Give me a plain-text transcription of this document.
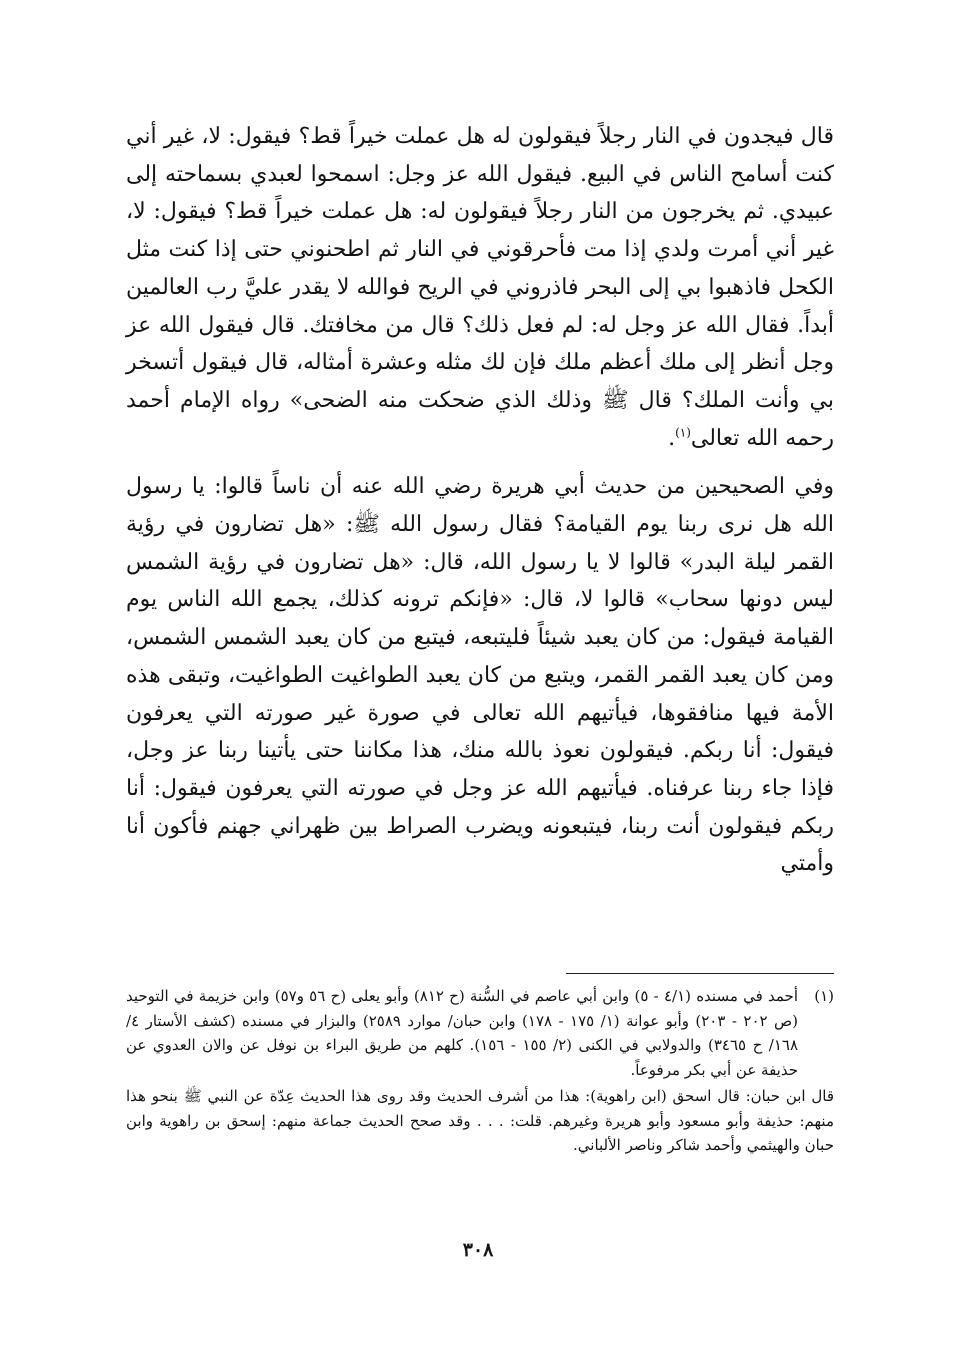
قال فيجدون في النار رجلاً فيقولون له هل عملت خيراً قط؟ فيقول: لا، غير أني كنت أسامح الناس في البيع. فيقول الله عز وجل: اسمحوا لعبدي بسماحته إلى عبيدي. ثم يخرجون من النار رجلاً فيقولون له: هل عملت خيراً قط؟ فيقول: لا، غير أني أمرت ولدي إذا مت فأحرقوني في النار ثم اطحنوني حتى إذا كنت مثل الكحل فاذهبوا بي إلى البحر فاذروني في الريح فوالله لا يقدر عليَّ رب العالمين أبداً. فقال الله عز وجل له: لم فعل ذلك؟ قال من مخافتك. قال فيقول الله عز وجل أنظر إلى ملك أعظم ملك فإن لك مثله وعشرة أمثاله، قال فيقول أتسخر بي وأنت الملك؟ قال ﷺ وذلك الذي ضحكت منه الضحى» رواه الإمام أحمد رحمه الله تعالى$^{(١)}$.

وفي الصحيحين من حديث أبي هريرة رضي الله عنه أن ناساً قالوا: يا رسول الله هل نرى ربنا يوم القيامة؟ فقال رسول الله ﷺ: «هل تضارون في رؤية القمر ليلة البدر» قالوا لا يا رسول الله، قال: «هل تضارون في رؤية الشمس ليس دونها سحاب» قالوا لا، قال: «فإنكم ترونه كذلك، يجمع الله الناس يوم القيامة فيقول: من كان يعبد شيئاً فليتبعه، فيتبع من كان يعبد الشمس الشمس، ومن كان يعبد القمر القمر، ويتبع من كان يعبد الطواغيت الطواغيت، وتبقى هذه الأمة فيها منافقوها، فيأتيهم الله تعالى في صورة غير صورته التي يعرفون فيقول: أنا ربكم. فيقولون نعوذ بالله منك، هذا مكاننا حتى يأتينا ربنا عز وجل، فإذا جاء ربنا عرفناه. فيأتيهم الله عز وجل في صورته التي يعرفون فيقول: أنا ربكم فيقولون أنت ربنا، فيتبعونه ويضرب الصراط بين ظهراني جهنم فأكون أنا وأمتي

(١)
أحمد في مسنده (٤/١ - ٥) وابن أبي عاصم في السُّنة (ح ٨١٢) وأبو يعلى (ح ٥٦ و٥٧) وابن خزيمة في التوحيد (ص ٢٠٢ - ٢٠٣) وأبو عوانة (١/ ١٧٥ - ١٧٨) وابن حبان/ موارد ٢٥٨٩) والبزار في مسنده (كشف الأستار ٤/ ١٦٨/ ح ٣٤٦٥) والدولابي في الكنى (٢/ ١٥٥ - ١٥٦). كلهم من طريق البراء بن نوفل عن والان العدوي عن حذيفة عن أبي بكر مرفوعاً.

قال ابن حبان: قال اسحق (ابن راهوية): هذا من أشرف الحديث وقد روى هذا الحديث عِدّة عن النبي ﷺ بنحو هذا منهم: حذيفة وأبو مسعود وأبو هريرة وغيرهم. قلت: . . . وقد صحح الحديث جماعة منهم: إسحق بن راهوية وابن حبان والهيثمي وأحمد شاكر وناصر الألباني.

٣٠٨
